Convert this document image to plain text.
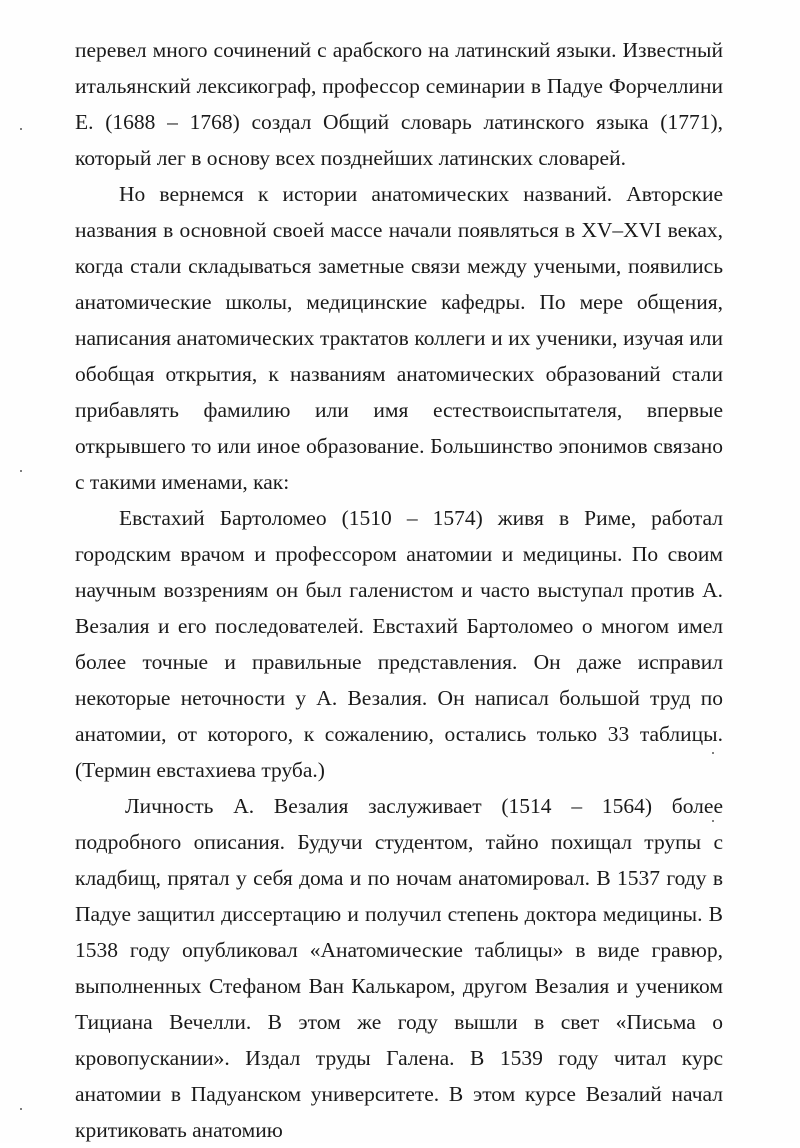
перевел много сочинений с арабского на латинский языки. Известный итальянский лексикограф, профессор семинарии в Падуе Форчеллини Е. (1688 – 1768) создал Общий словарь латинского языка (1771), который лег в основу всех позднейших латинских словарей.

Но вернемся к истории анатомических названий. Авторские названия в основной своей массе начали появляться в XV–XVI веках, когда стали складываться заметные связи между учеными, появились анатомические школы, медицинские кафедры. По мере общения, написания анатомических трактатов коллеги и их ученики, изучая или обобщая открытия, к названиям анатомических образований стали прибавлять фамилию или имя естествоиспытателя, впервые открывшего то или иное образование. Большинство эпонимов связано с такими именами, как:

Евстахий Бартоломео (1510 – 1574) живя в Риме, работал городским врачом и профессором анатомии и медицины. По своим научным воззрениям он был галенистом и часто выступал против А. Везалия и его последователей. Евстахий Бартоломео о многом имел более точные и правильные представления. Он даже исправил некоторые неточности у А. Везалия. Он написал большой труд по анатомии, от которого, к сожалению, остались только 33 таблицы. (Термин евстахиева труба.)

Личность А. Везалия заслуживает (1514 – 1564) более подробного описания. Будучи студентом, тайно похищал трупы с кладбищ, прятал у себя дома и по ночам анатомировал. В 1537 году в Падуе защитил диссертацию и получил степень доктора медицины. В 1538 году опубликовал «Анатомические таблицы» в виде гравюр, выполненных Стефаном Ван Калькаром, другом Везалия и учеником Тициана Вечелли. В этом же году вышли в свет «Письма о кровопускании». Издал труды Галена. В 1539 году читал курс анатомии в Падуанском университете. В этом курсе Везалий начал критиковать анатомию
